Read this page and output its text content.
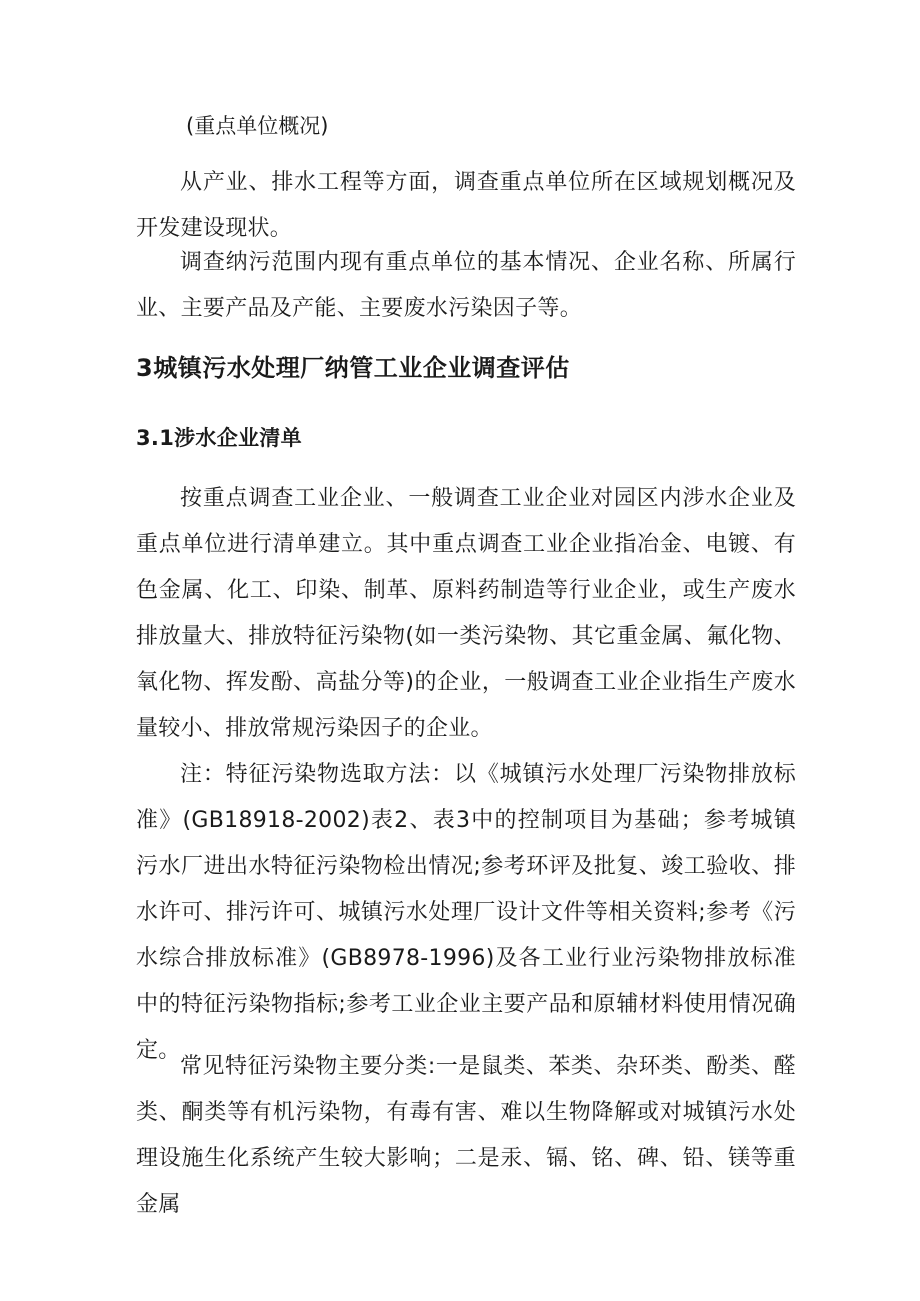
(重点单位概况)

从产业、排水工程等方面，调查重点单位所在区域规划概况及开发建设现状。

调查纳污范围内现有重点单位的基本情况、企业名称、所属行业、主要产品及产能、主要废水污染因子等。

3城镇污水处理厂纳管工业企业调查评估
3.1涉水企业清单

按重点调查工业企业、一般调查工业企业对园区内涉水企业及重点单位进行清单建立。其中重点调查工业企业指冶金、电镀、有色金属、化工、印染、制革、原料药制造等行业企业，或生产废水排放量大、排放特征污染物(如一类污染物、其它重金属、氟化物、氧化物、挥发酚、高盐分等)的企业，一般调查工业企业指生产废水量较小、排放常规污染因子的企业。

注：特征污染物选取方法：以《城镇污水处理厂污染物排放标准》(GB18918-2002)表2、表3中的控制项目为基础；参考城镇污水厂进出水特征污染物检出情况;参考环评及批复、竣工验收、排水许可、排污许可、城镇污水处理厂设计文件等相关资料;参考《污水综合排放标准》(GB8978-1996)及各工业行业污染物排放标准中的特征污染物指标;参考工业企业主要产品和原辅材料使用情况确定。

常见特征污染物主要分类:一是鼠类、苯类、杂环类、酚类、醛类、酮类等有机污染物，有毒有害、难以生物降解或对城镇污水处理设施生化系统产生较大影响；二是汞、镉、铭、碑、铅、镁等重金属
